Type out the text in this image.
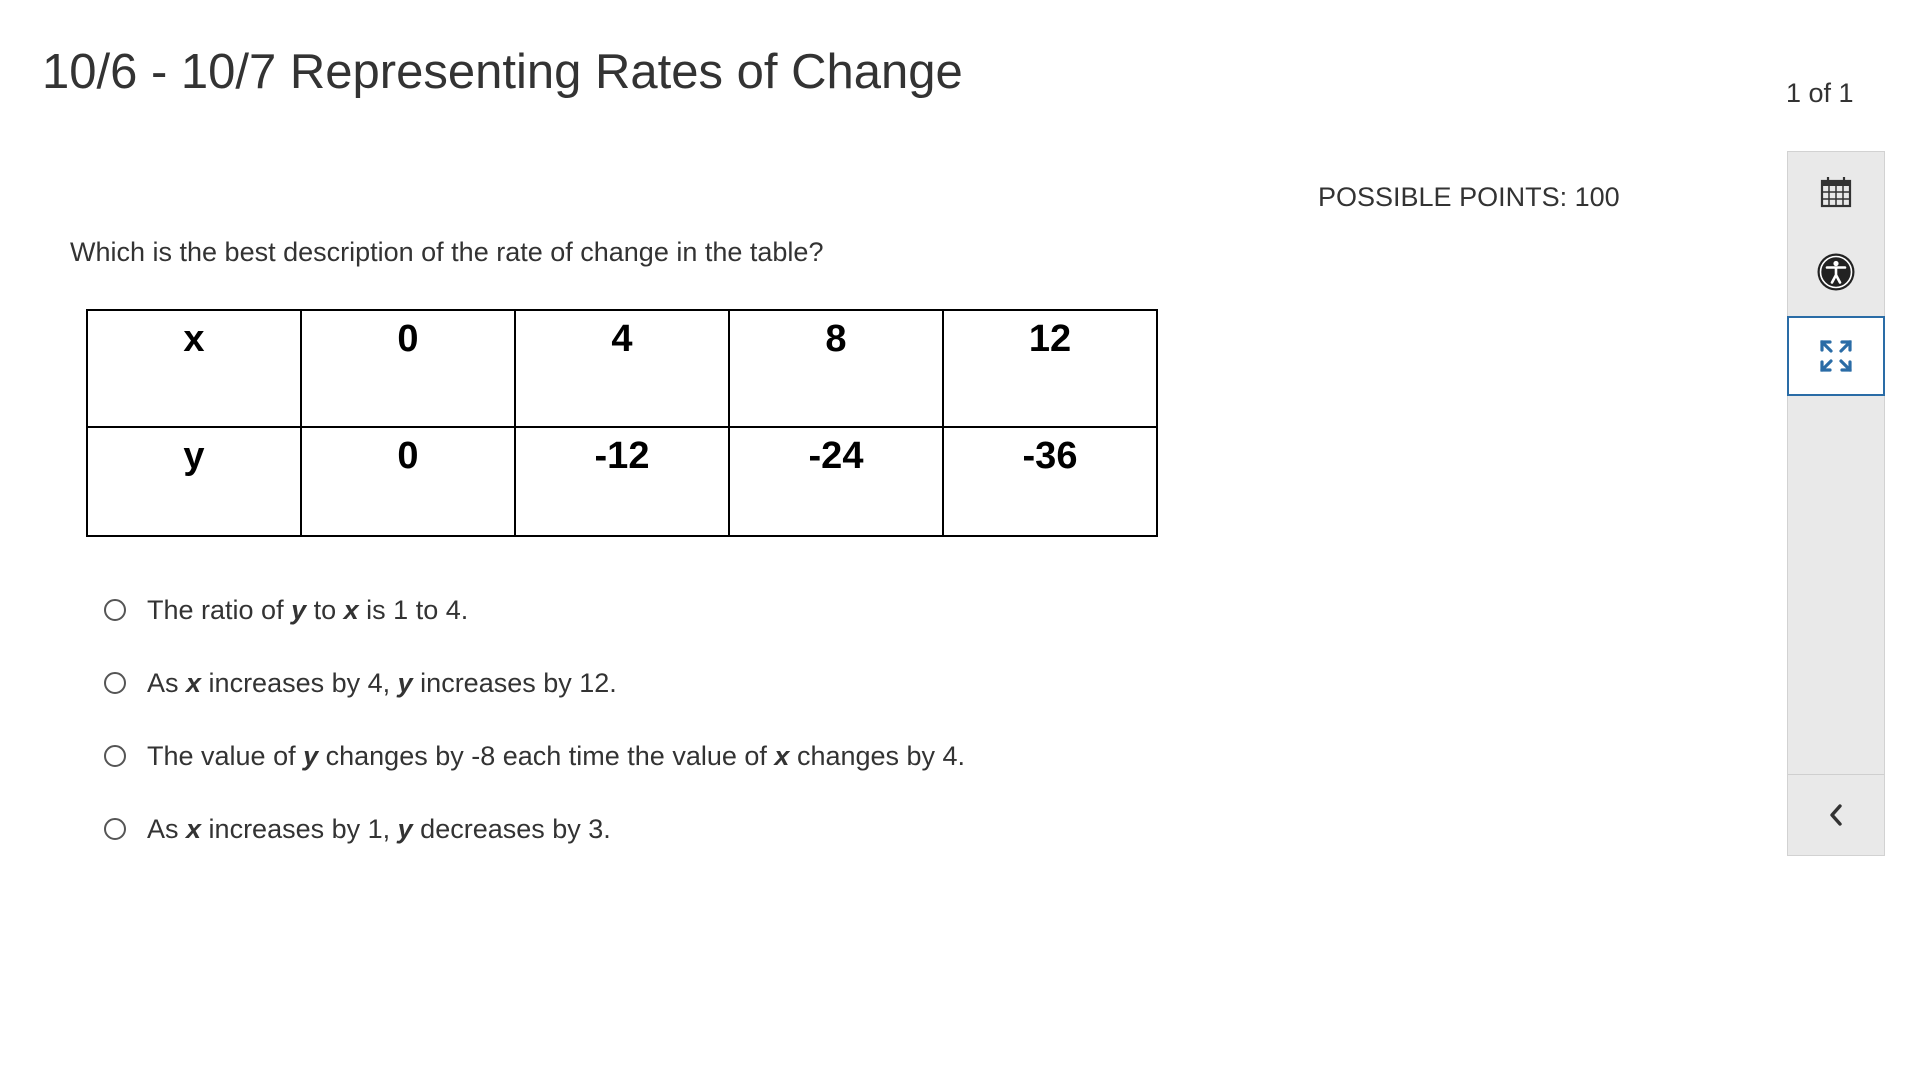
10/6 - 10/7 Representing Rates of Change	1 of 1
POSSIBLE POINTS: 100
Which is the best description of the rate of change in the table?
x	0	4	8	12
y	0	-12	-24	-36
The ratio of y to x is 1 to 4.
As x increases by 4, y increases by 12.
The value of y changes by -8 each time the value of x changes by 4.
As x increases by 1, y decreases by 3.
